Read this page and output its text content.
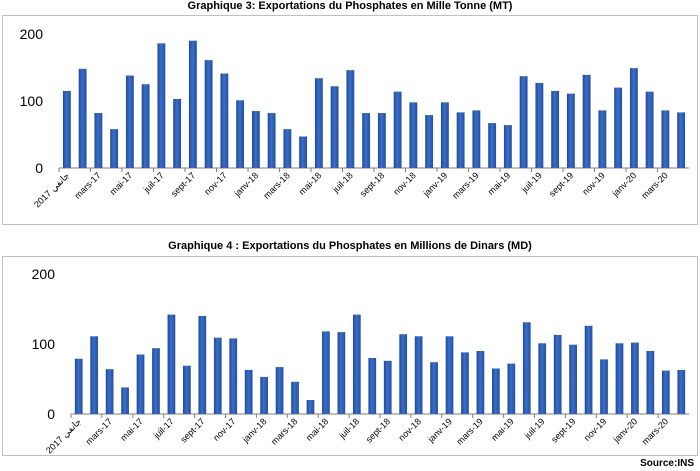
Graphique 3: Exportations du Phosphates en Mille Tonne (MT)
0
100
200
2017 جانفي mars-17 mai-17 juil-17 sept-17 nov-17 janv-18 mars-18 mai-18 juil-18 sept-18 nov-18 janv-19 mars-19 mai-19 juil-19 sept-19 nov-19 janv-20 mars-20
Graphique 4 : Exportations du Phosphates en Millions de Dinars (MD)
0
100
200
2017 جانفي mars-17 mai-17 juil-17 sept-17 nov-17 janv-18 mars-18 mai-18 juil-18 sept-18 nov-18 janv-19 mars-19 mai-19 juil-19 sept-19 nov-19 janv-20 mars-20
Source:INS
